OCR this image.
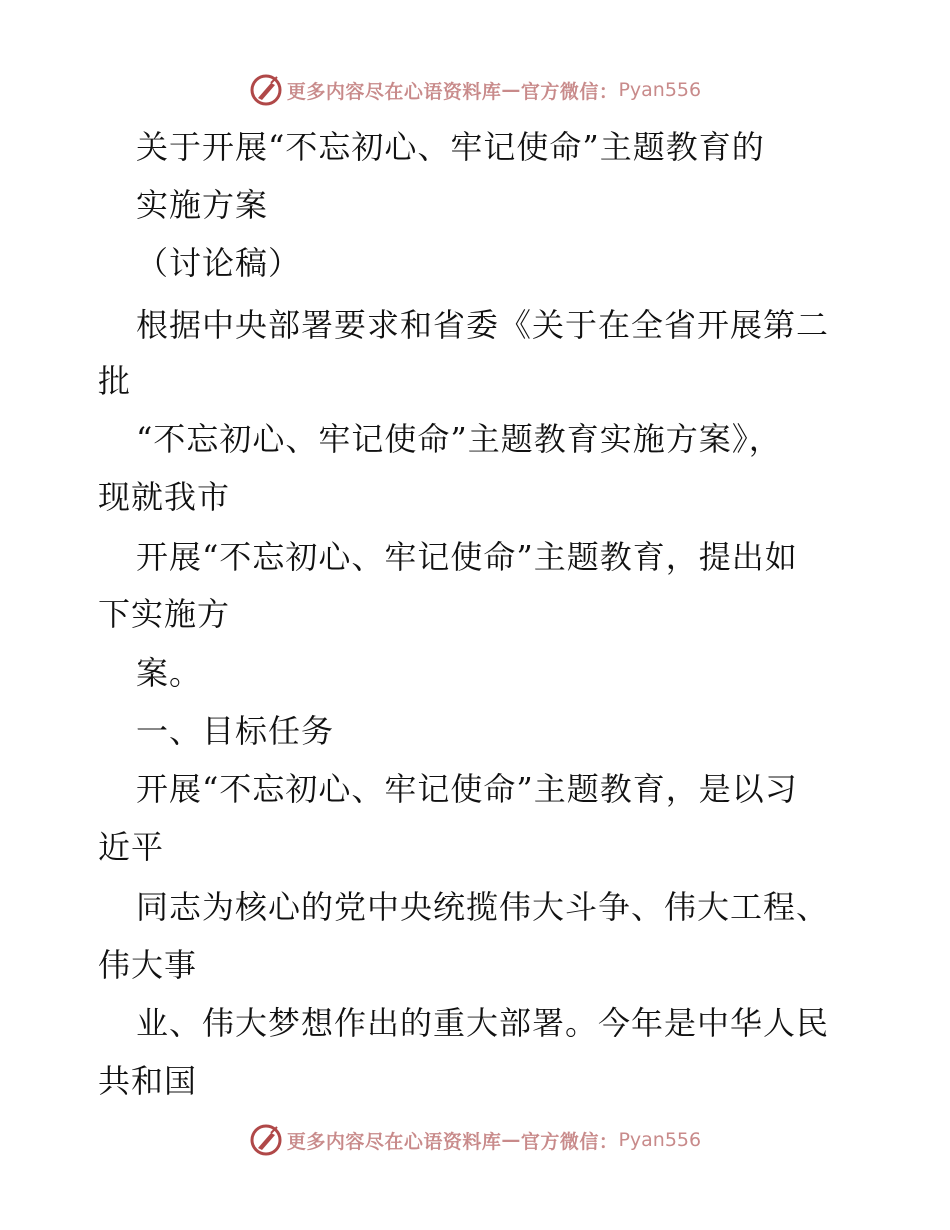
更多内容尽在心语资料库 — 官方微信： Pyan556
关于开展“不忘初心、牢记使命”主题教育的
实施方案
（讨论稿）
根据中央部署要求和省委《关于在全省开展第二
批
“不忘初心、牢记使命”主题教育实施方案》，
现就我市
开展“不忘初心、牢记使命”主题教育，提出如
下实施方
案。
一、目标任务
开展“不忘初心、牢记使命”主题教育，是以习
近平
同志为核心的党中央统揽伟大斗争、伟大工程、
伟大事
业、伟大梦想作出的重大部署。今年是中华人民
共和国
更多内容尽在心语资料库 — 官方微信： Pyan556
